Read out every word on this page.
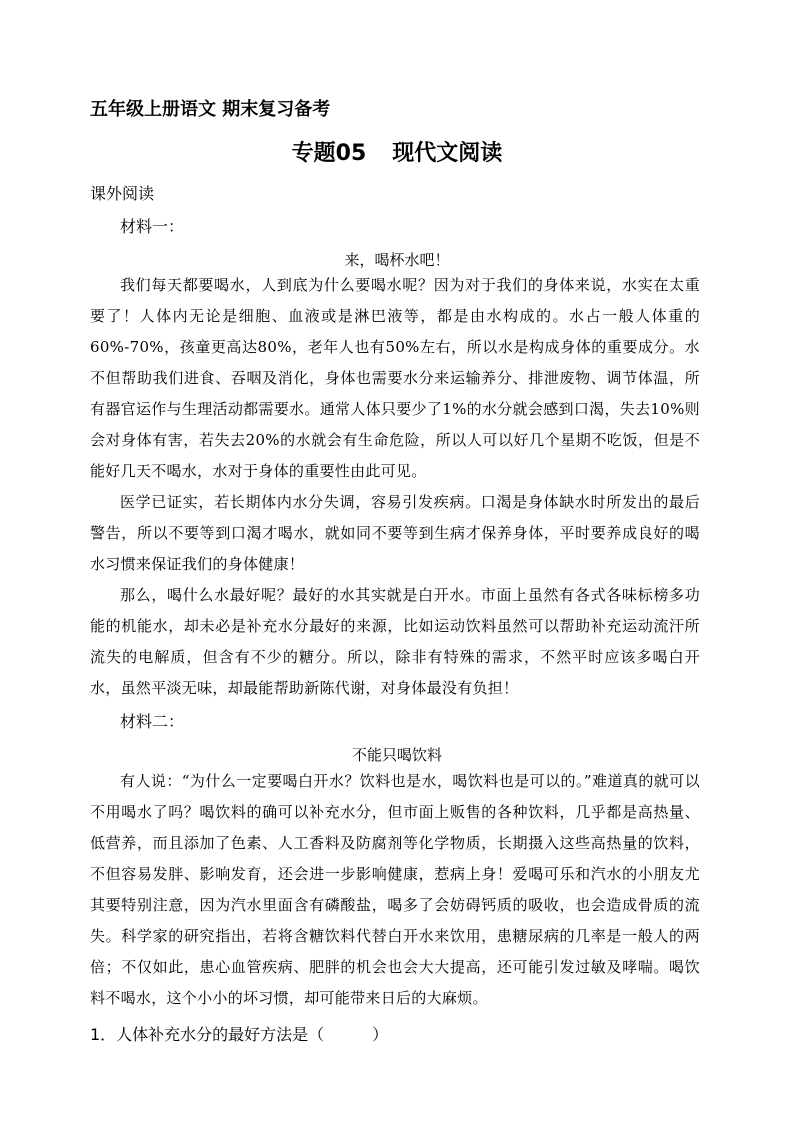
五年级上册语文 期末复习备考
专题05 现代文阅读
课外阅读
材料一：
来，喝杯水吧！

我们每天都要喝水，人到底为什么要喝水呢？因为对于我们的身体来说，水实在太重要了！人体内无论是细胞、血液或是淋巴液等，都是由水构成的。水占一般人体重的60%-70%，孩童更高达80%，老年人也有50%左右，所以水是构成身体的重要成分。水不但帮助我们进食、吞咽及消化，身体也需要水分来运输养分、排泄废物、调节体温，所有器官运作与生理活动都需要水。通常人体只要少了1%的水分就会感到口渴，失去10%则会对身体有害，若失去20%的水就会有生命危险，所以人可以好几个星期不吃饭，但是不能好几天不喝水，水对于身体的重要性由此可见。

医学已证实，若长期体内水分失调，容易引发疾病。口渴是身体缺水时所发出的最后警告，所以不要等到口渴才喝水，就如同不要等到生病才保养身体，平时要养成良好的喝水习惯来保证我们的身体健康！

那么，喝什么水最好呢？最好的水其实就是白开水。市面上虽然有各式各味标榜多功能的机能水，却未必是补充水分最好的来源，比如运动饮料虽然可以帮助补充运动流汗所流失的电解质，但含有不少的糖分。所以，除非有特殊的需求，不然平时应该多喝白开水，虽然平淡无味，却最能帮助新陈代谢，对身体最没有负担！

材料二：
不能只喝饮料

有人说：“为什么一定要喝白开水？饮料也是水，喝饮料也是可以的。”难道真的就可以不用喝水了吗？喝饮料的确可以补充水分，但市面上贩售的各种饮料，几乎都是高热量、低营养，而且添加了色素、人工香料及防腐剂等化学物质，长期摄入这些高热量的饮料，不但容易发胖、影响发育，还会进一步影响健康，惹病上身！爱喝可乐和汽水的小朋友尤其要特别注意，因为汽水里面含有磷酸盐，喝多了会妨碍钙质的吸收，也会造成骨质的流失。科学家的研究指出，若将含糖饮料代替白开水来饮用，患糖尿病的几率是一般人的两倍；不仅如此，患心血管疾病、肥胖的机会也会大大提高，还可能引发过敏及哮喘。喝饮料不喝水，这个小小的坏习惯，却可能带来日后的大麻烦。

1．人体补充水分的最好方法是（　　　）
